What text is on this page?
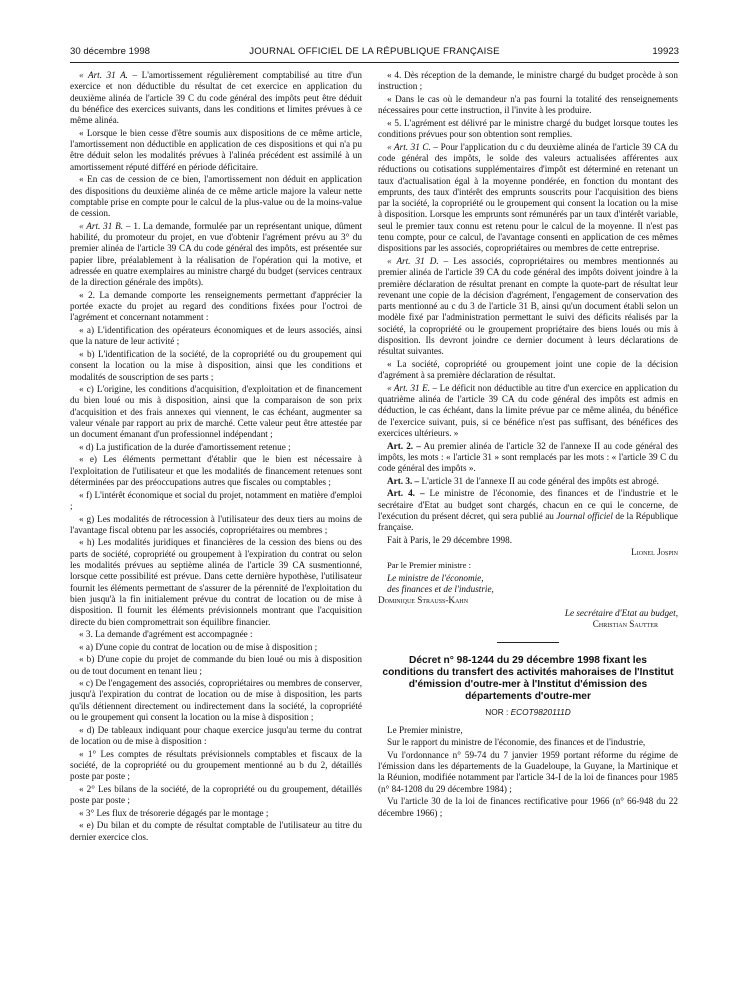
30 décembre 1998	JOURNAL OFFICIEL DE LA RÉPUBLIQUE FRANÇAISE	19923

« Art. 31 A. – L'amortissement régulièrement comptabilisé au titre d'un exercice et non déductible du résultat de cet exercice en application du deuxième alinéa de l'article 39 C du code général des impôts peut être déduit du bénéfice des exercices suivants, dans les conditions et limites prévues à ce même alinéa.

« Lorsque le bien cesse d'être soumis aux dispositions de ce même article, l'amortissement non déductible en application de ces dispositions et qui n'a pu être déduit selon les modalités prévues à l'alinéa précédent est assimilé à un amortissement réputé différé en période déficitaire.

« En cas de cession de ce bien, l'amortissement non déduit en application des dispositions du deuxième alinéa de ce même article majore la valeur nette comptable prise en compte pour le calcul de la plus-value ou de la moins-value de cession.

« Art. 31 B. – 1. La demande, formulée par un représentant unique, dûment habilité, du promoteur du projet, en vue d'obtenir l'agrément prévu au 3° du premier alinéa de l'article 39 CA du code général des impôts, est présentée sur papier libre, préalablement à la réalisation de l'opération qui la motive, et adressée en quatre exemplaires au ministre chargé du budget (services centraux de la direction générale des impôts).

« 2. La demande comporte les renseignements permettant d'apprécier la portée exacte du projet au regard des conditions fixées pour l'octroi de l'agrément et concernant notamment :

« a) L'identification des opérateurs économiques et de leurs associés, ainsi que la nature de leur activité ;

« b) L'identification de la société, de la copropriété ou du groupement qui consent la location ou la mise à disposition, ainsi que les conditions et modalités de souscription de ses parts ;

« c) L'origine, les conditions d'acquisition, d'exploitation et de financement du bien loué ou mis à disposition, ainsi que la comparaison de son prix d'acquisition et des frais annexes qui viennent, le cas échéant, augmenter sa valeur vénale par rapport au prix de marché. Cette valeur peut être attestée par un document émanant d'un professionnel indépendant ;

« d) La justification de la durée d'amortissement retenue ;

« e) Les éléments permettant d'établir que le bien est nécessaire à l'exploitation de l'utilisateur et que les modalités de financement retenues sont déterminées par des préoccupations autres que fiscales ou comptables ;

« f) L'intérêt économique et social du projet, notamment en matière d'emploi ;

« g) Les modalités de rétrocession à l'utilisateur des deux tiers au moins de l'avantage fiscal obtenu par les associés, copropriétaires ou membres ;

« h) Les modalités juridiques et financières de la cession des biens ou des parts de société, copropriété ou groupement à l'expiration du contrat ou selon les modalités prévues au septième alinéa de l'article 39 CA susmentionné, lorsque cette possibilité est prévue. Dans cette dernière hypothèse, l'utilisateur fournit les éléments permettant de s'assurer de la pérennité de l'exploitation du bien jusqu'à la fin initialement prévue du contrat de location ou de mise à disposition. Il fournit les éléments prévisionnels montrant que l'acquisition directe du bien compromettrait son équilibre financier.

« 3. La demande d'agrément est accompagnée :

« a) D'une copie du contrat de location ou de mise à disposition ;

« b) D'une copie du projet de commande du bien loué ou mis à disposition ou de tout document en tenant lieu ;

« c) De l'engagement des associés, copropriétaires ou membres de conserver, jusqu'à l'expiration du contrat de location ou de mise à disposition, les parts qu'ils détiennent directement ou indirectement dans la société, la copropriété ou le groupement qui consent la location ou la mise à disposition ;

« d) De tableaux indiquant pour chaque exercice jusqu'au terme du contrat de location ou de mise à disposition :

« 1° Les comptes de résultats prévisionnels comptables et fiscaux de la société, de la copropriété ou du groupement mentionné au b du 2, détaillés poste par poste ;

« 2° Les bilans de la société, de la copropriété ou du groupement, détaillés poste par poste ;

« 3° Les flux de trésorerie dégagés par le montage ;

« e) Du bilan et du compte de résultat comptable de l'utilisateur au titre du dernier exercice clos.

« 4. Dès réception de la demande, le ministre chargé du budget procède à son instruction ;

« Dans le cas où le demandeur n'a pas fourni la totalité des renseignements nécessaires pour cette instruction, il l'invite à les produire.

« 5. L'agrément est délivré par le ministre chargé du budget lorsque toutes les conditions prévues pour son obtention sont remplies.

« Art. 31 C. – Pour l'application du c du deuxième alinéa de l'article 39 CA du code général des impôts, le solde des valeurs actualisées afférentes aux réductions ou cotisations supplémentaires d'impôt est déterminé en retenant un taux d'actualisation égal à la moyenne pondérée, en fonction du montant des emprunts, des taux d'intérêt des emprunts souscrits pour l'acquisition des biens par la société, la copropriété ou le groupement qui consent la location ou la mise à disposition. Lorsque les emprunts sont rémunérés par un taux d'intérêt variable, seul le premier taux connu est retenu pour le calcul de la moyenne. Il n'est pas tenu compte, pour ce calcul, de l'avantage consenti en application de ces mêmes dispositions par les associés, copropriétaires ou membres de cette entreprise.

« Art. 31 D. – Les associés, copropriétaires ou membres mentionnés au premier alinéa de l'article 39 CA du code général des impôts doivent joindre à la première déclaration de résultat prenant en compte la quote-part de résultat leur revenant une copie de la décision d'agrément, l'engagement de conservation des parts mentionné au c du 3 de l'article 31 B, ainsi qu'un document établi selon un modèle fixé par l'administration permettant le suivi des déficits réalisés par la société, la copropriété ou le groupement propriétaire des biens loués ou mis à disposition. Ils devront joindre ce dernier document à leurs déclarations de résultat suivantes.

« La société, copropriété ou groupement joint une copie de la décision d'agrément à sa première déclaration de résultat.

« Art. 31 E. – Le déficit non déductible au titre d'un exercice en application du quatrième alinéa de l'article 39 CA du code général des impôts est admis en déduction, le cas échéant, dans la limite prévue par ce même alinéa, du bénéfice de l'exercice suivant, puis, si ce bénéfice n'est pas suffisant, des bénéfices des exercices ultérieurs. »

Art. 2. – Au premier alinéa de l'article 32 de l'annexe II au code général des impôts, les mots : « l'article 31 » sont remplacés par les mots : « l'article 39 C du code général des impôts ».

Art. 3. – L'article 31 de l'annexe II au code général des impôts est abrogé.

Art. 4. – Le ministre de l'économie, des finances et de l'industrie et le secrétaire d'Etat au budget sont chargés, chacun en ce qui le concerne, de l'exécution du présent décret, qui sera publié au Journal officiel de la République française.

Fait à Paris, le 29 décembre 1998.

Lionel Jospin

Par le Premier ministre :

Le ministre de l'économie,
des finances et de l'industrie,
Dominique Strauss-Kahn

Le secrétaire d'Etat au budget,
Christian Sautter

Décret n° 98-1244 du 29 décembre 1998 fixant les conditions du transfert des activités mahoraises de l'Institut d'émission d'outre-mer à l'Institut d'émission des départements d'outre-mer
NOR : ECOT9820111D

Le Premier ministre,

Sur le rapport du ministre de l'économie, des finances et de l'industrie,

Vu l'ordonnance n° 59-74 du 7 janvier 1959 portant réforme du régime de l'émission dans les départements de la Guadeloupe, la Guyane, la Martinique et la Réunion, modifiée notamment par l'article 34-I de la loi de finances pour 1985 (n° 84-1208 du 29 décembre 1984) ;

Vu l'article 30 de la loi de finances rectificative pour 1966 (n° 66-948 du 22 décembre 1966) ;
